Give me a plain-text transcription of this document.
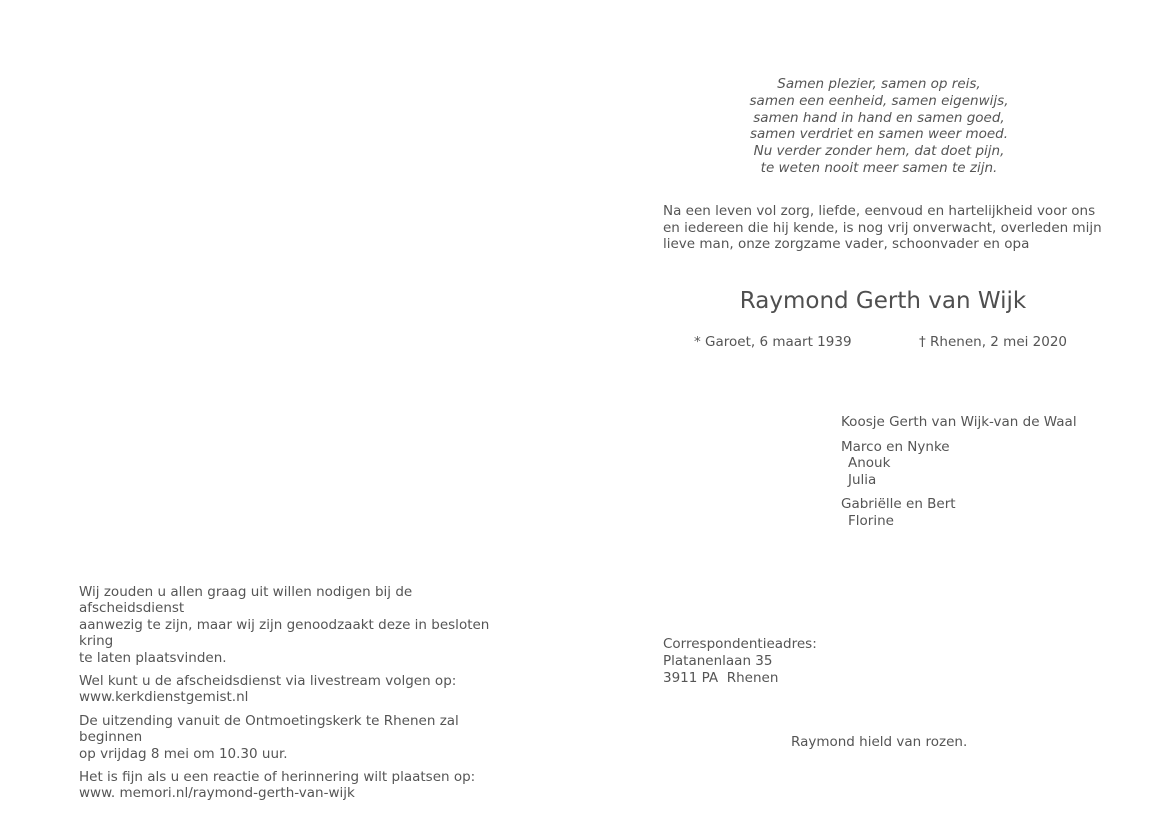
Wij zouden u allen graag uit willen nodigen bij de afscheidsdienst
aanwezig te zijn, maar wij zijn genoodzaakt deze in besloten kring
te laten plaatsvinden.

Wel kunt u de afscheidsdienst via livestream volgen op:
www.kerkdienstgemist.nl

De uitzending vanuit de Ontmoetingskerk te Rhenen zal beginnen
op vrijdag 8 mei om 10.30 uur.

Het is fijn als u een reactie of herinnering wilt plaatsen op:
www. memori.nl/raymond-gerth-van-wijk

Samen plezier, samen op reis,
samen een eenheid, samen eigenwijs,
samen hand in hand en samen goed,
samen verdriet en samen weer moed.
Nu verder zonder hem, dat doet pijn,
te weten nooit meer samen te zijn.
Na een leven vol zorg, liefde, eenvoud en hartelijkheid voor ons
en iedereen die hij kende, is nog vrij onverwacht, overleden mijn
lieve man, onze zorgzame vader, schoonvader en opa
Raymond Gerth van Wijk
* Garoet, 6 maart 1939	† Rhenen, 2 mei 2020
Koosje Gerth van Wijk-van de Waal
Marco en Nynke
Anouk
Julia
Gabriëlle en Bert
Florine
Correspondentieadres:
Platanenlaan 35
3911 PA  Rhenen
Raymond hield van rozen.
